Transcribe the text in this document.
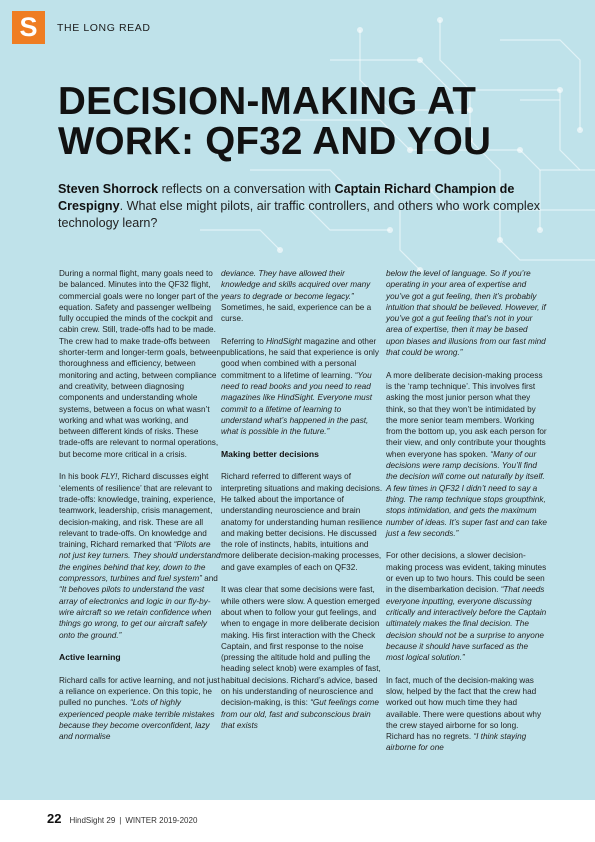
S THE LONG READ
DECISION-MAKING AT WORK: QF32 AND YOU

Steven Shorrock reflects on a conversation with Captain Richard Champion de Crespigny. What else might pilots, air traffic controllers, and others who work complex technology learn?

During a normal flight, many goals need to be balanced. Minutes into the QF32 flight, commercial goals were no longer part of the equation. Safety and passenger wellbeing fully occupied the minds of the cockpit and cabin crew. Still, trade-offs had to be made. The crew had to make trade-offs between shorter-term and longer-term goals, between thoroughness and efficiency, between monitoring and acting, between compliance and creativity, between diagnosing components and understanding whole systems, between a focus on what wasn’t working and what was working, and between different kinds of risks. These trade-offs are relevant to normal operations, but become more critical in a crisis.

In his book FLY!, Richard discusses eight ‘elements of resilience’ that are relevant to trade-offs: knowledge, training, experience, teamwork, leadership, crisis management, decision-making, and risk. These are all relevant to trade-offs. On knowledge and training, Richard remarked that “Pilots are not just key turners. They should understand the engines behind that key, down to the compressors, turbines and fuel system” and “It behoves pilots to understand the vast array of electronics and logic in our fly-by-wire aircraft so we retain confidence when things go wrong, to get our aircraft safely onto the ground.”

Active learning

Richard calls for active learning, and not just a reliance on experience. On this topic, he pulled no punches. “Lots of highly experienced people make terrible mistakes because they become overconfident, lazy and normalise

deviance. They have allowed their knowledge and skills acquired over many years to degrade or become legacy.” Sometimes, he said, experience can be a curse.

Referring to HindSight magazine and other publications, he said that experience is only good when combined with a personal commitment to a lifetime of learning. “You need to read books and you need to read magazines like HindSight. Everyone must commit to a lifetime of learning to understand what’s happened in the past, what is possible in the future.”

Making better decisions

Richard referred to different ways of interpreting situations and making decisions. He talked about the importance of understanding neuroscience and brain anatomy for understanding human resilience and making better decisions. He discussed the role of instincts, habits, intuitions and more deliberate decision-making processes, and gave examples of each on QF32.

It was clear that some decisions were fast, while others were slow. A question emerged about when to follow your gut feelings, and when to engage in more deliberate decision making. His first interaction with the Check Captain, and first response to the noise (pressing the altitude hold and pulling the heading select knob) were examples of fast, habitual decisions. Richard’s advice, based on his understanding of neuroscience and decision-making, is this: “Gut feelings come from our old, fast and subconscious brain that exists

below the level of language. So if you’re operating in your area of expertise and you’ve got a gut feeling, then it’s probably intuition that should be believed. However, if you’ve got a gut feeling that’s not in your area of expertise, then it may be based upon biases and illusions from our fast mind that could be wrong.”

A more deliberate decision-making process is the ‘ramp technique’. This involves first asking the most junior person what they think, so that they won’t be intimidated by the more senior team members. Working from the bottom up, you ask each person for their view, and only contribute your thoughts when everyone has spoken. “Many of our decisions were ramp decisions. You’ll find the decision will come out naturally by itself. A few times in QF32 I didn’t need to say a thing. The ramp technique stops groupthink, stops intimidation, and gets the maximum number of ideas. It’s super fast and can take just a few seconds.”

For other decisions, a slower decision-making process was evident, taking minutes or even up to two hours. This could be seen in the disembarkation decision. “That needs everyone inputting, everyone discussing critically and interactively before the Captain ultimately makes the final decision. The decision should not be a surprise to anyone because it should have surfaced as the most logical solution.”

In fact, much of the decision-making was slow, helped by the fact that the crew had worked out how much time they had available. There were questions about why the crew stayed airborne for so long. Richard has no regrets. “I think staying airborne for one

22 HindSight 29 | WINTER 2019-2020
